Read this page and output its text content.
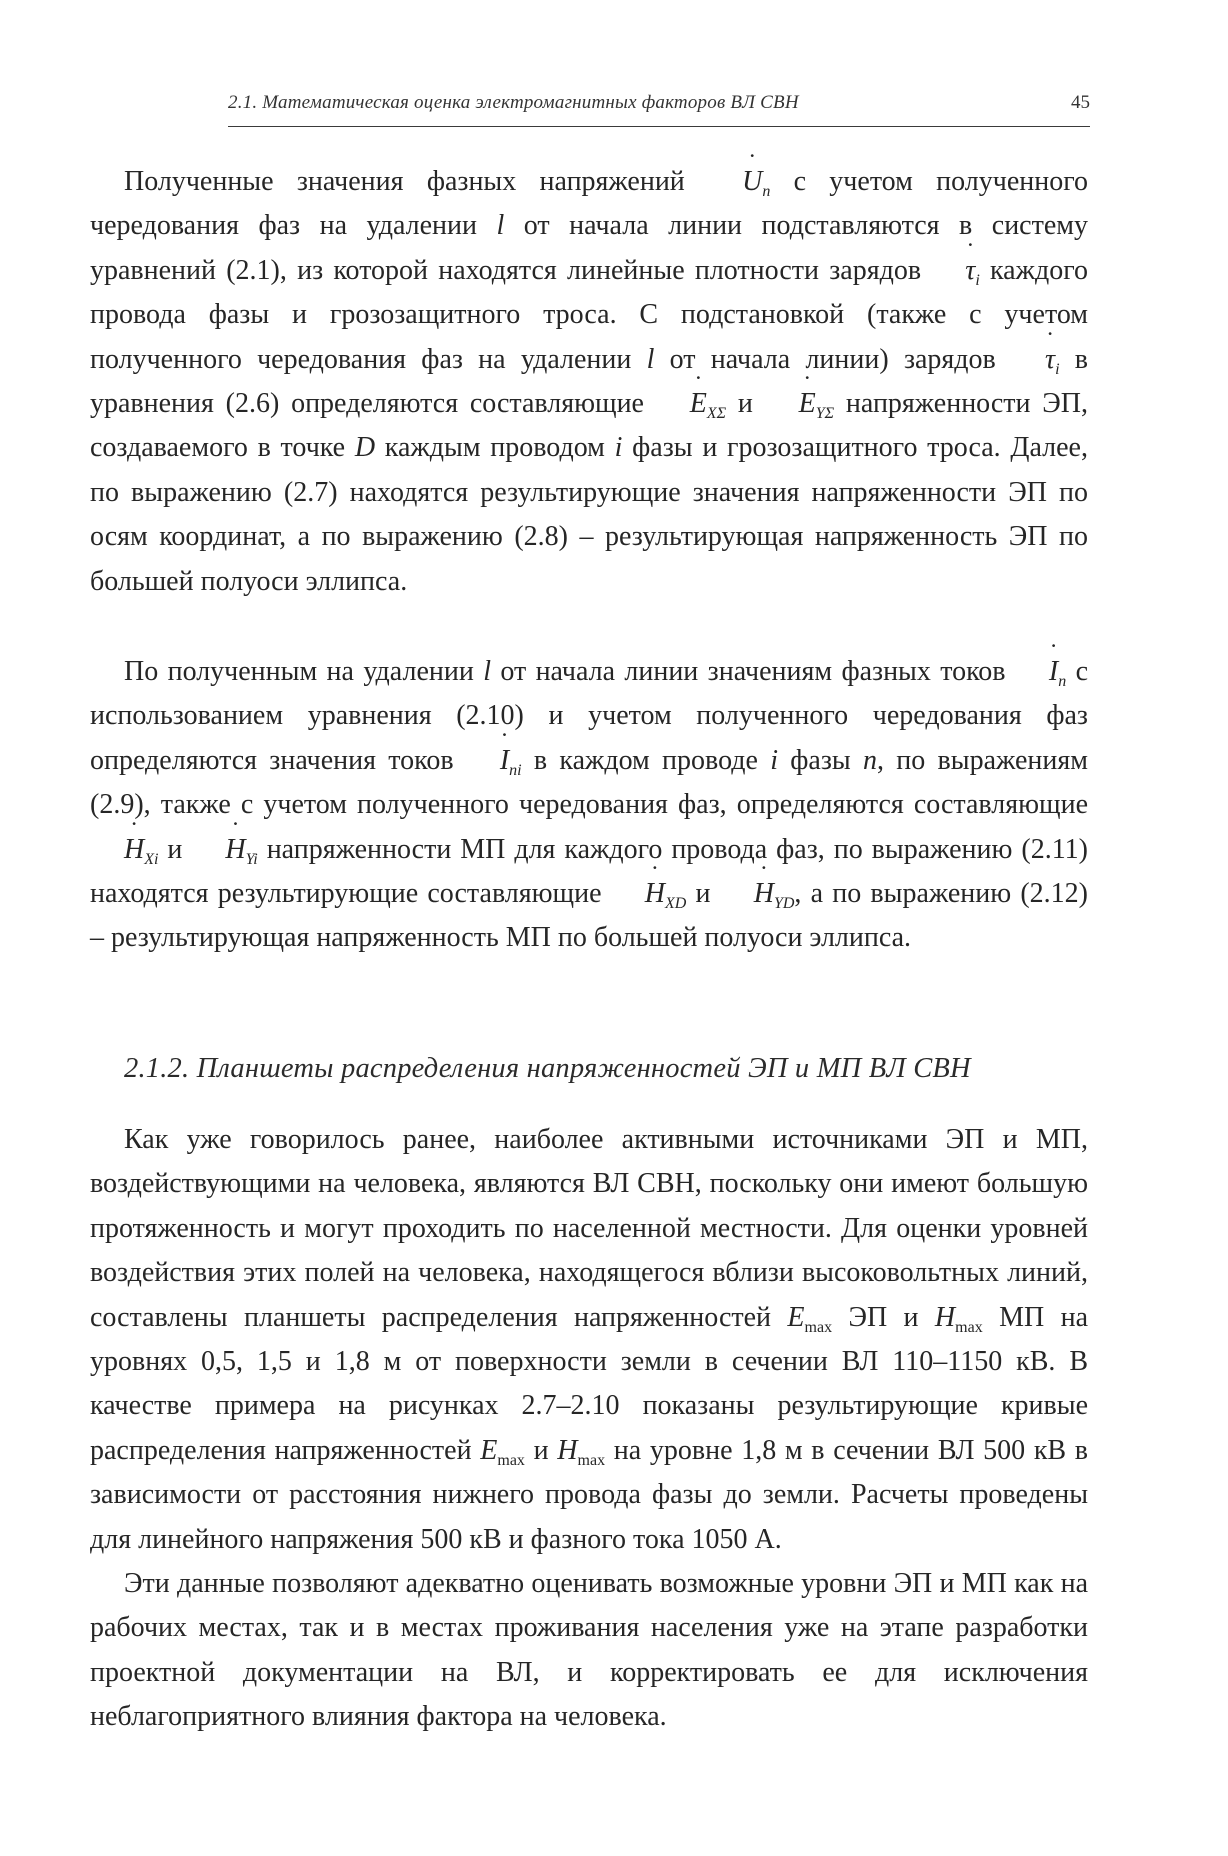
2.1. Математическая оценка электромагнитных факторов ВЛ СВН	45

Полученные значения фазных напряжений ˙ $U_n$ с учетом полученного чередования фаз на удалении l от начала линии подставляются в систему уравнений (2.1), из которой находятся линейные плотности зарядов ˙ $\tau_i$ каждого провода фазы и грозозащитного троса. С подстановкой (также с учетом полученного чередования фаз на удалении l от начала линии) зарядов ˙ $\tau_i$ в уравнения (2.6) определяются составляющие ˙ $E_{X\Sigma}$ и ˙ $E_{Y\Sigma}$ напряженности ЭП, создаваемого в точке D каждым проводом i фазы и грозозащитного троса. Далее, по выражению (2.7) находятся результирующие значения напряженности ЭП по осям координат, а по выражению (2.8) – результирующая напряженность ЭП по большей полуоси эллипса.

По полученным на удалении l от начала линии значениям фазных токов ˙ $I_n$ с использованием уравнения (2.10) и учетом полученного чередования фаз определяются значения токов ˙ $I_{ni}$ в каждом проводе i фазы n, по выражениям (2.9), также с учетом полученного чередования фаз, определяются составляющие ˙ $H_{Xi}$ и ˙ $H_{Yi}$ напряженности МП для каждого провода фаз, по выражению (2.11) находятся результирующие составляющие ˙ $H_{XD}$ и ˙ $H_{YD}$, а по выражению (2.12) – результирующая напряженность МП по большей полуоси эллипса.

2.1.2. Планшеты распределения напряженностей ЭП и МП ВЛ СВН

Как уже говорилось ранее, наиболее активными источниками ЭП и МП, воздействующими на человека, являются ВЛ СВН, поскольку они имеют большую протяженность и могут проходить по населенной местности. Для оценки уровней воздействия этих полей на человека, находящегося вблизи высоковольтных линий, составлены планшеты распределения напряженностей $E_{max}$ ЭП и $H_{max}$ МП на уровнях 0,5, 1,5 и 1,8 м от поверхности земли в сечении ВЛ 110–1150 кВ. В качестве примера на рисунках 2.7–2.10 показаны результирующие кривые распределения напряженностей $E_{max}$ и $H_{max}$ на уровне 1,8 м в сечении ВЛ 500 кВ в зависимости от расстояния нижнего провода фазы до земли. Расчеты проведены для линейного напряжения 500 кВ и фазного тока 1050 А.

Эти данные позволяют адекватно оценивать возможные уровни ЭП и МП как на рабочих местах, так и в местах проживания населения уже на этапе разработки проектной документации на ВЛ, и корректировать ее для исключения неблагоприятного влияния фактора на человека.
